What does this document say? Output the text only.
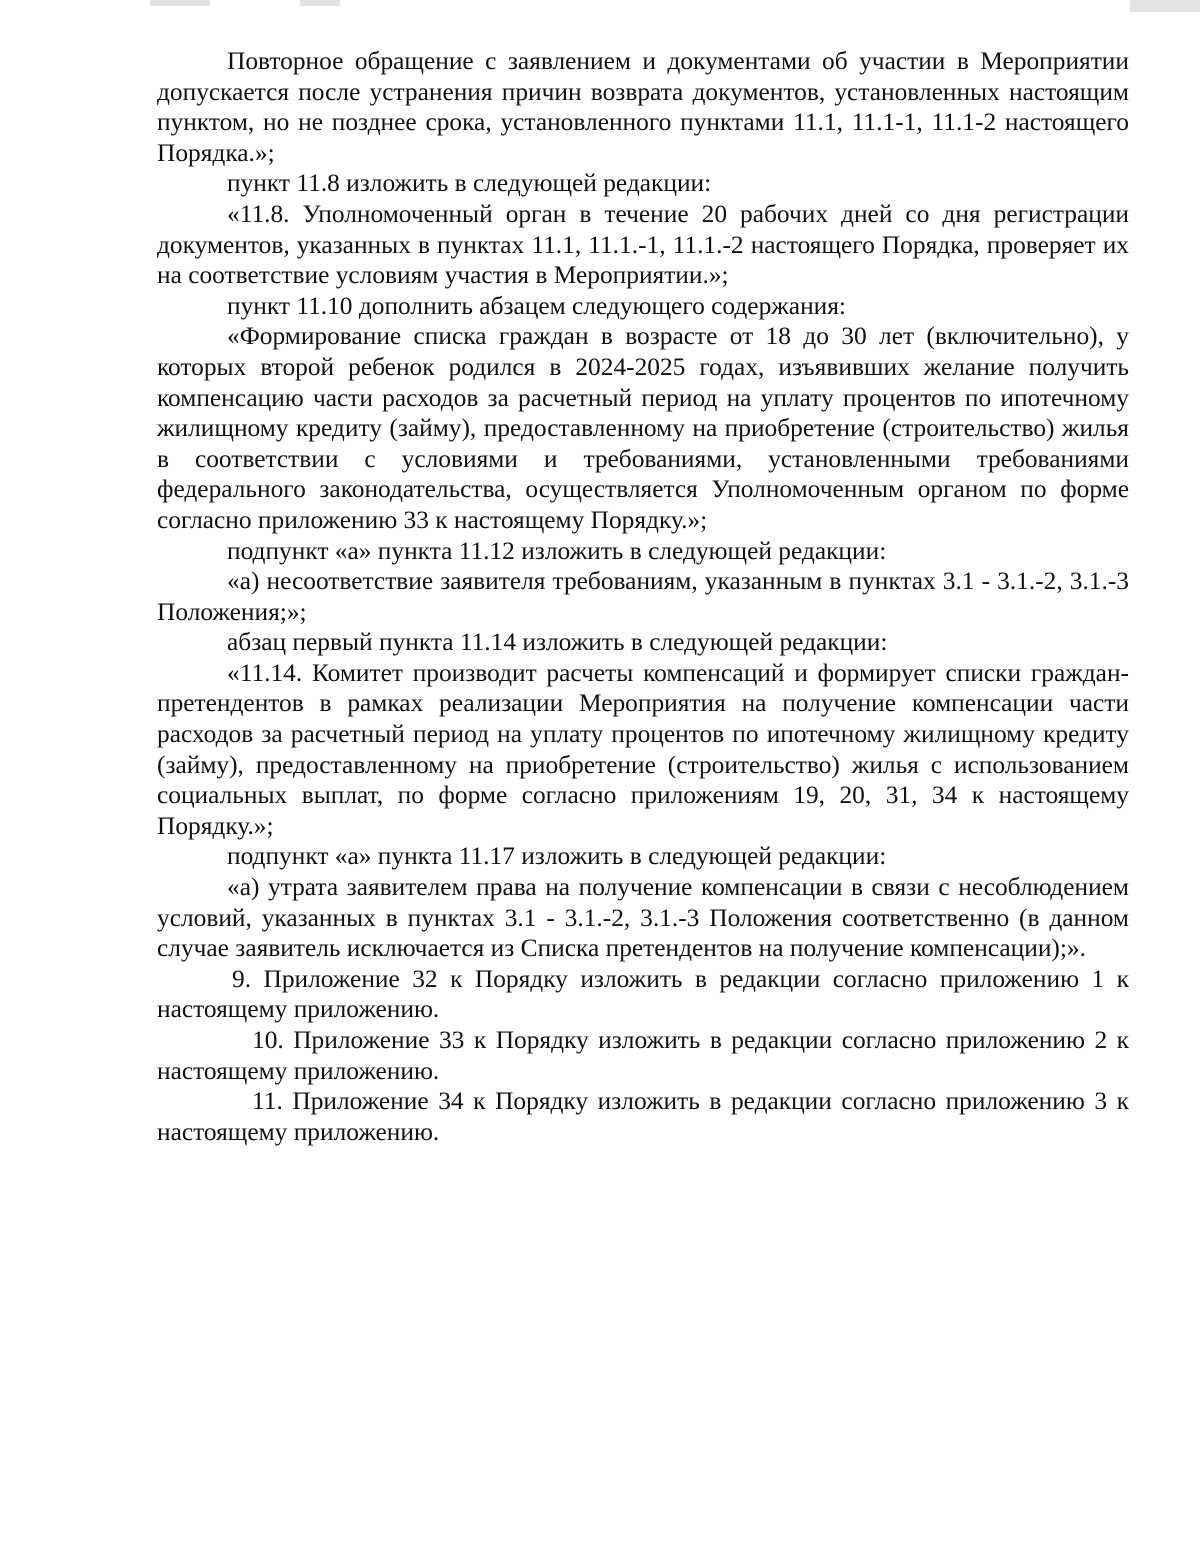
Повторное обращение с заявлением и документами об участии в Мероприятии допускается после устранения причин возврата документов, установленных настоящим пунктом, но не позднее срока, установленного пунктами 11.1, 11.1-1, 11.1-2 настоящего Порядка.»;

пункт 11.8 изложить в следующей редакции:

«11.8. Уполномоченный орган в течение 20 рабочих дней со дня регистрации документов, указанных в пунктах 11.1, 11.1.-1, 11.1.-2 настоящего Порядка, проверяет их на соответствие условиям участия в Мероприятии.»;

пункт 11.10 дополнить абзацем следующего содержания:

«Формирование списка граждан в возрасте от 18 до 30 лет (включительно), у которых второй ребенок родился в 2024-2025 годах, изъявивших желание получить компенсацию части расходов за расчетный период на уплату процентов по ипотечному жилищному кредиту (займу), предоставленному на приобретение (строительство) жилья в соответствии с условиями и требованиями, установленными требованиями федерального законодательства, осуществляется Уполномоченным органом по форме согласно приложению 33 к настоящему Порядку.»;

подпункт «а» пункта 11.12 изложить в следующей редакции:

«а) несоответствие заявителя требованиям, указанным в пунктах 3.1 - 3.1.-2, 3.1.-3 Положения;»;

абзац первый пункта 11.14 изложить в следующей редакции:

«11.14. Комитет производит расчеты компенсаций и формирует списки граждан-претендентов в рамках реализации Мероприятия на получение компенсации части расходов за расчетный период на уплату процентов по ипотечному жилищному кредиту (займу), предоставленному на приобретение (строительство) жилья с использованием социальных выплат, по форме согласно приложениям 19, 20, 31, 34 к настоящему Порядку.»;

подпункт «а» пункта 11.17 изложить в следующей редакции:

«а) утрата заявителем права на получение компенсации в связи с несоблюдением условий, указанных в пунктах 3.1 - 3.1.-2, 3.1.-3 Положения соответственно (в данном случае заявитель исключается из Списка претендентов на получение компенсации);».

9. Приложение 32 к Порядку изложить в редакции согласно приложению 1 к настоящему приложению.

10. Приложение 33 к Порядку изложить в редакции согласно приложению 2 к настоящему приложению.

11. Приложение 34 к Порядку изложить в редакции согласно приложению 3 к настоящему приложению.
